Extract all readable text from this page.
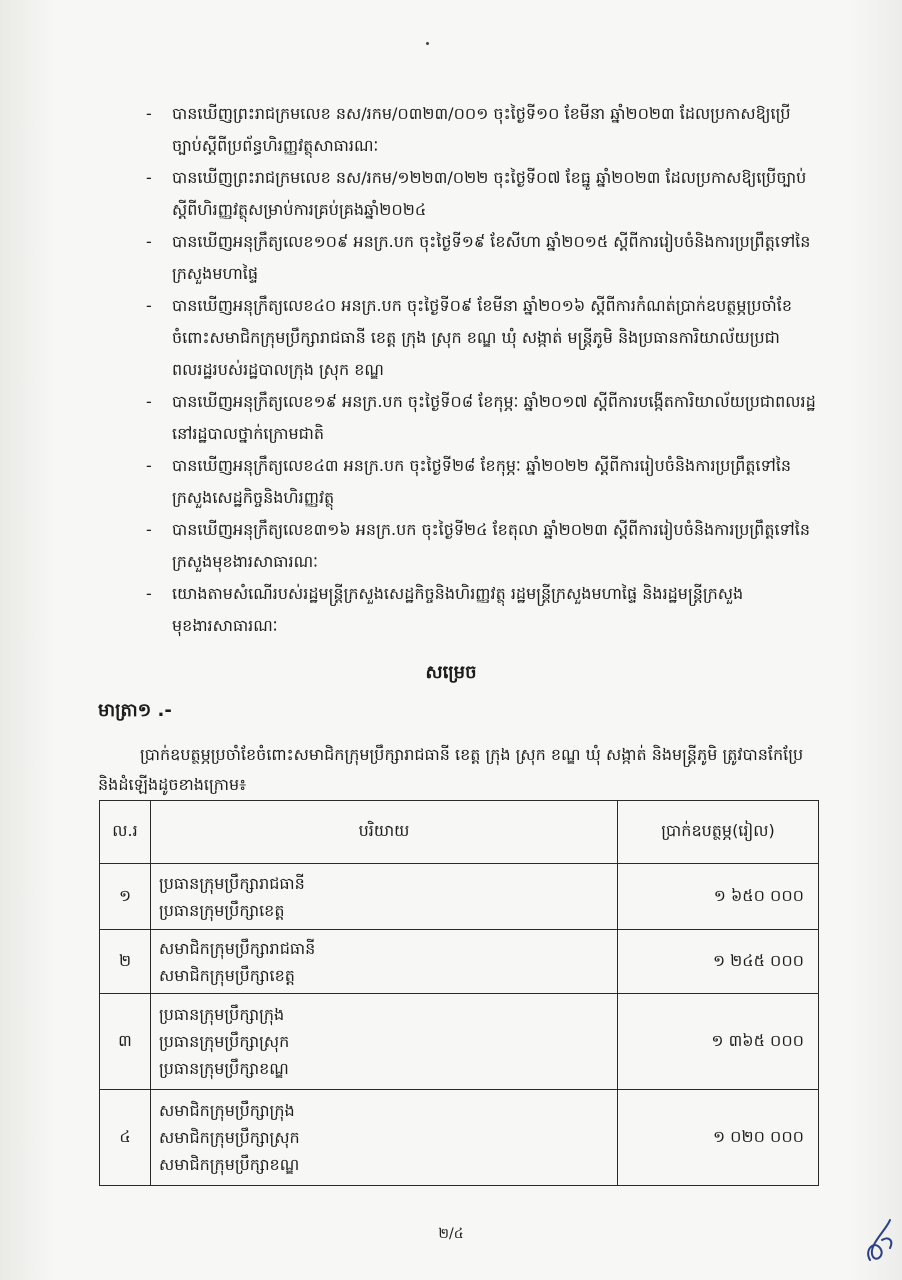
- បានឃើញព្រះរាជក្រមលេខ នស/រកម/០៣២៣/០០១ ចុះថ្ងៃទី១០ ខែមីនា ឆ្នាំ២០២៣ ដែលប្រកាសឱ្យប្រើច្បាប់ស្ដីពីប្រព័ន្ធហិរញ្ញវត្ថុសាធារណៈ
- បានឃើញព្រះរាជក្រមលេខ នស/រកម/១២២៣/០២២ ចុះថ្ងៃទី០៧ ខែធ្នូ ឆ្នាំ២០២៣ ដែលប្រកាសឱ្យប្រើច្បាប់ស្ដីពីហិរញ្ញវត្ថុសម្រាប់ការគ្រប់គ្រងឆ្នាំ២០២៤
- បានឃើញអនុក្រឹត្យលេខ១០៩ អនក្រ.បក ចុះថ្ងៃទី១៩ ខែសីហា ឆ្នាំ២០១៥ ស្ដីពីការរៀបចំនិងការប្រព្រឹត្តទៅនៃក្រសួងមហាផ្ទៃ
- បានឃើញអនុក្រឹត្យលេខ៤០ អនក្រ.បក ចុះថ្ងៃទី០៩ ខែមីនា ឆ្នាំ២០១៦ ស្ដីពីការកំណត់ប្រាក់ឧបត្ថម្ភប្រចាំខែចំពោះសមាជិកក្រុមប្រឹក្សារាជធានី ខេត្ត ក្រុង ស្រុក ខណ្ឌ ឃុំ សង្កាត់ មន្ត្រីភូមិ និងប្រធានការិយាល័យប្រជាពលរដ្ឋរបស់រដ្ឋបាលក្រុង ស្រុក ខណ្ឌ
- បានឃើញអនុក្រឹត្យលេខ១៩ អនក្រ.បក ចុះថ្ងៃទី០៨ ខែកុម្ភៈ ឆ្នាំ២០១៧ ស្ដីពីការបង្កើតការិយាល័យប្រជាពលរដ្ឋនៅរដ្ឋបាលថ្នាក់ក្រោមជាតិ
- បានឃើញអនុក្រឹត្យលេខ៤៣ អនក្រ.បក ចុះថ្ងៃទី២៨ ខែកុម្ភៈ ឆ្នាំ២០២២ ស្ដីពីការរៀបចំនិងការប្រព្រឹត្តទៅនៃក្រសួងសេដ្ឋកិច្ចនិងហិរញ្ញវត្ថុ
- បានឃើញអនុក្រឹត្យលេខ៣១៦ អនក្រ.បក ចុះថ្ងៃទី២៤ ខែតុលា ឆ្នាំ២០២៣ ស្ដីពីការរៀបចំនិងការប្រព្រឹត្តទៅនៃក្រសួងមុខងារសាធារណៈ
- យោងតាមសំណើរបស់រដ្ឋមន្ត្រីក្រសួងសេដ្ឋកិច្ចនិងហិរញ្ញវត្ថុ រដ្ឋមន្ត្រីក្រសួងមហាផ្ទៃ និងរដ្ឋមន្ត្រីក្រសួងមុខងារសាធារណៈ
សម្រេច
មាត្រា១ .-
ប្រាក់ឧបត្ថម្ភប្រចាំខែចំពោះសមាជិកក្រុមប្រឹក្សារាជធានី ខេត្ត ក្រុង ស្រុក ខណ្ឌ ឃុំ សង្កាត់ និងមន្ត្រីភូមិ ត្រូវបានកែប្រែនិងដំឡើងដូចខាងក្រោម៖
ល.រ	បរិយាយ	ប្រាក់ឧបត្ថម្ភ(រៀល)
១	ប្រធានក្រុមប្រឹក្សារាជធានី
ប្រធានក្រុមប្រឹក្សាខេត្ត	១ ៦៥០ ០០០
២	សមាជិកក្រុមប្រឹក្សារាជធានី
សមាជិកក្រុមប្រឹក្សាខេត្ត	១ ២៤៥ ០០០
៣	ប្រធានក្រុមប្រឹក្សាក្រុង
ប្រធានក្រុមប្រឹក្សាស្រុក
ប្រធានក្រុមប្រឹក្សាខណ្ឌ	១ ៣៦៥ ០០០
៤	សមាជិកក្រុមប្រឹក្សាក្រុង
សមាជិកក្រុមប្រឹក្សាស្រុក
សមាជិកក្រុមប្រឹក្សាខណ្ឌ	១ ០២០ ០០០
២/៤
